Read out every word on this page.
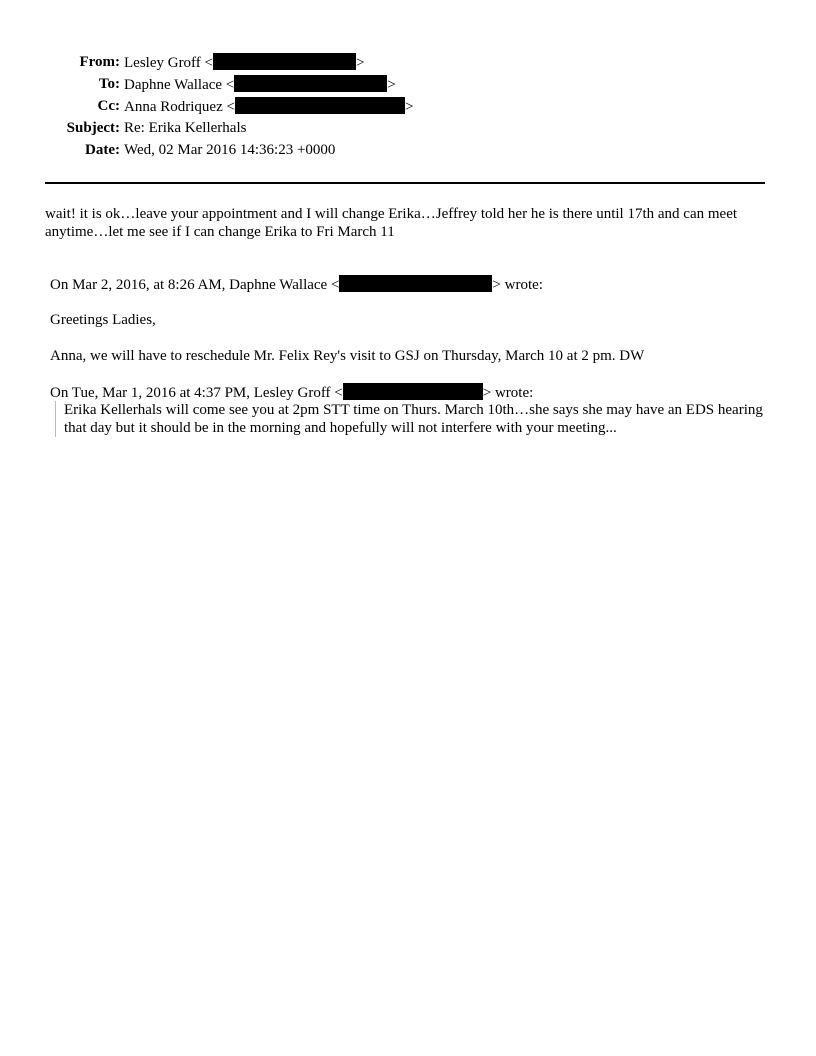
From: Lesley Groff <	>
To: Daphne Wallace <	>
Cc: Anna Rodriquez <	>
Subject: Re: Erika Kellerhals
Date: Wed, 02 Mar 2016 14:36:23 +0000
wait! it is ok…leave your appointment and I will change Erika…Jeffrey told her he is there until 17th and can meet anytime…let me see if I can change Erika to Fri March 11
On Mar 2, 2016, at 8:26 AM, Daphne Wallace <	> wrote:
Greetings Ladies,
Anna, we will have to reschedule Mr. Felix Rey's visit to GSJ on Thursday, March 10 at 2 pm. DW
On Tue, Mar 1, 2016 at 4:37 PM, Lesley Groff <	> wrote:
Erika Kellerhals will come see you at 2pm STT time on Thurs. March 10th…she says she may have an EDS hearing that day but it should be in the morning and hopefully will not interfere with your meeting...
